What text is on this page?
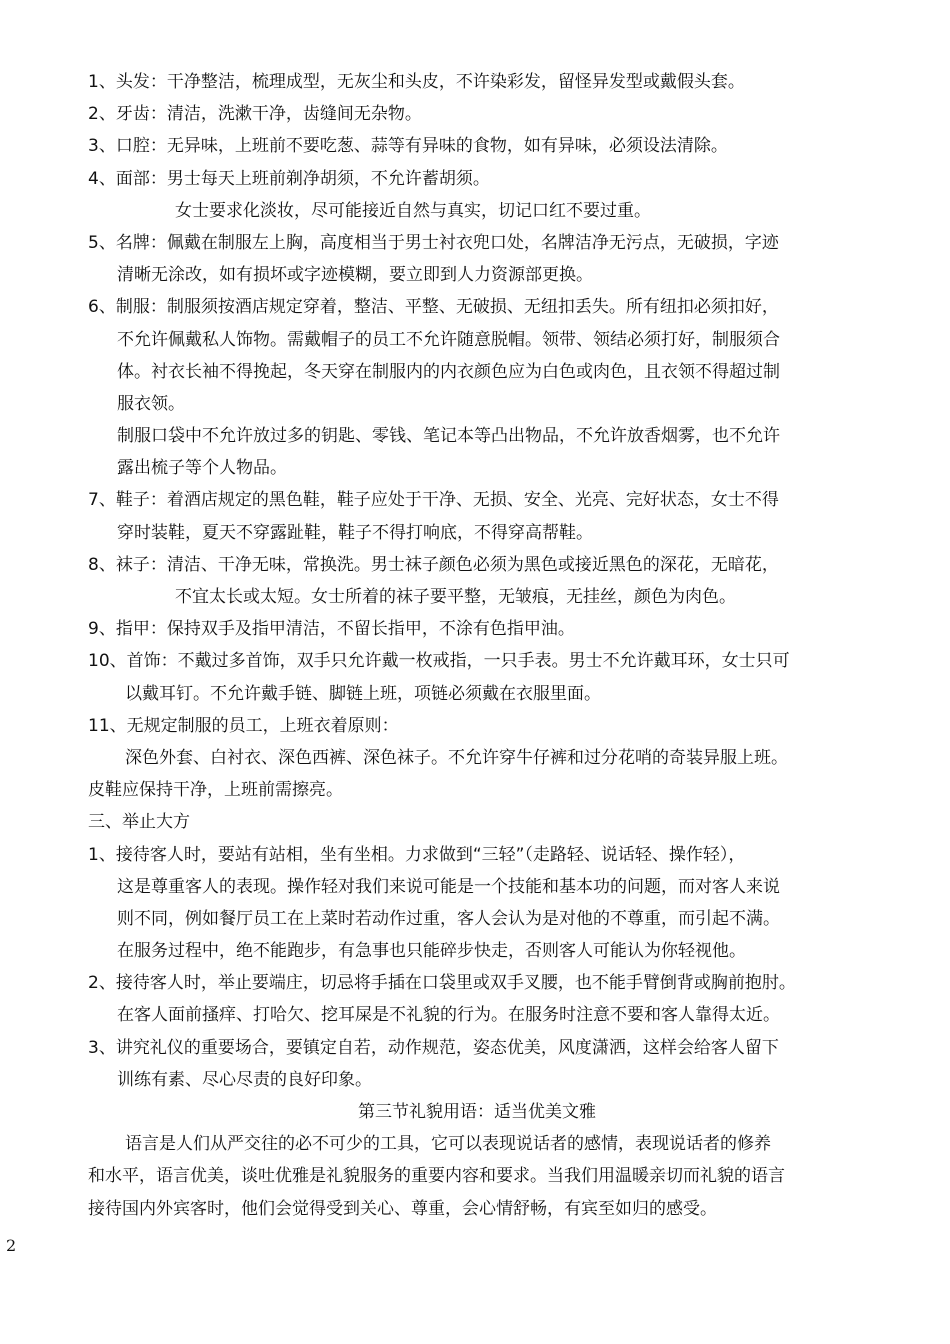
1、头发：干净整洁，梳理成型，无灰尘和头皮，不许染彩发，留怪异发型或戴假头套。
2、牙齿：清洁，洗漱干净，齿缝间无杂物。
3、口腔：无异味，上班前不要吃葱、蒜等有异味的食物，如有异味，必须设法清除。
4、面部：男士每天上班前剃净胡须，不允许蓄胡须。
女士要求化淡妆，尽可能接近自然与真实，切记口红不要过重。
5、名牌：佩戴在制服左上胸，高度相当于男士衬衣兜口处，名牌洁净无污点，无破损，字迹
清晰无涂改，如有损坏或字迹模糊，要立即到人力资源部更换。
6、制服：制服须按酒店规定穿着，整洁、平整、无破损、无纽扣丢失。所有纽扣必须扣好，
不允许佩戴私人饰物。需戴帽子的员工不允许随意脱帽。领带、领结必须打好，制服须合
体。衬衣长袖不得挽起，冬天穿在制服内的内衣颜色应为白色或肉色，且衣领不得超过制
服衣领。
制服口袋中不允许放过多的钥匙、零钱、笔记本等凸出物品，不允许放香烟雾，也不允许
露出梳子等个人物品。
7、鞋子：着酒店规定的黑色鞋，鞋子应处于干净、无损、安全、光亮、完好状态，女士不得
穿时装鞋，夏天不穿露趾鞋，鞋子不得打响底，不得穿高帮鞋。
8、袜子：清洁、干净无味，常换洗。男士袜子颜色必须为黑色或接近黑色的深花，无暗花，
不宜太长或太短。女士所着的袜子要平整，无皱痕，无挂丝，颜色为肉色。
9、指甲：保持双手及指甲清洁，不留长指甲，不涂有色指甲油。
10、首饰：不戴过多首饰，双手只允许戴一枚戒指，一只手表。男士不允许戴耳环，女士只可
以戴耳钉。不允许戴手链、脚链上班，项链必须戴在衣服里面。
11、无规定制服的员工，上班衣着原则：
深色外套、白衬衣、深色西裤、深色袜子。不允许穿牛仔裤和过分花哨的奇装异服上班。
皮鞋应保持干净，上班前需擦亮。
三、举止大方
1、接待客人时，要站有站相，坐有坐相。力求做到“三轻”（走路轻、说话轻、操作轻），
这是尊重客人的表现。操作轻对我们来说可能是一个技能和基本功的问题，而对客人来说
则不同，例如餐厅员工在上菜时若动作过重，客人会认为是对他的不尊重，而引起不满。
在服务过程中，绝不能跑步，有急事也只能碎步快走，否则客人可能认为你轻视他。
2、接待客人时，举止要端庄，切忌将手插在口袋里或双手叉腰，也不能手臂倒背或胸前抱肘。
在客人面前搔痒、打哈欠、挖耳屎是不礼貌的行为。在服务时注意不要和客人靠得太近。
3、讲究礼仪的重要场合，要镇定自若，动作规范，姿态优美，风度潇洒，这样会给客人留下
训练有素、尽心尽责的良好印象。
第三节礼貌用语：适当优美文雅
语言是人们从严交往的必不可少的工具，它可以表现说话者的感情，表现说话者的修养
和水平，语言优美，谈吐优雅是礼貌服务的重要内容和要求。当我们用温暖亲切而礼貌的语言
接待国内外宾客时，他们会觉得受到关心、尊重，会心情舒畅，有宾至如归的感受。
2
